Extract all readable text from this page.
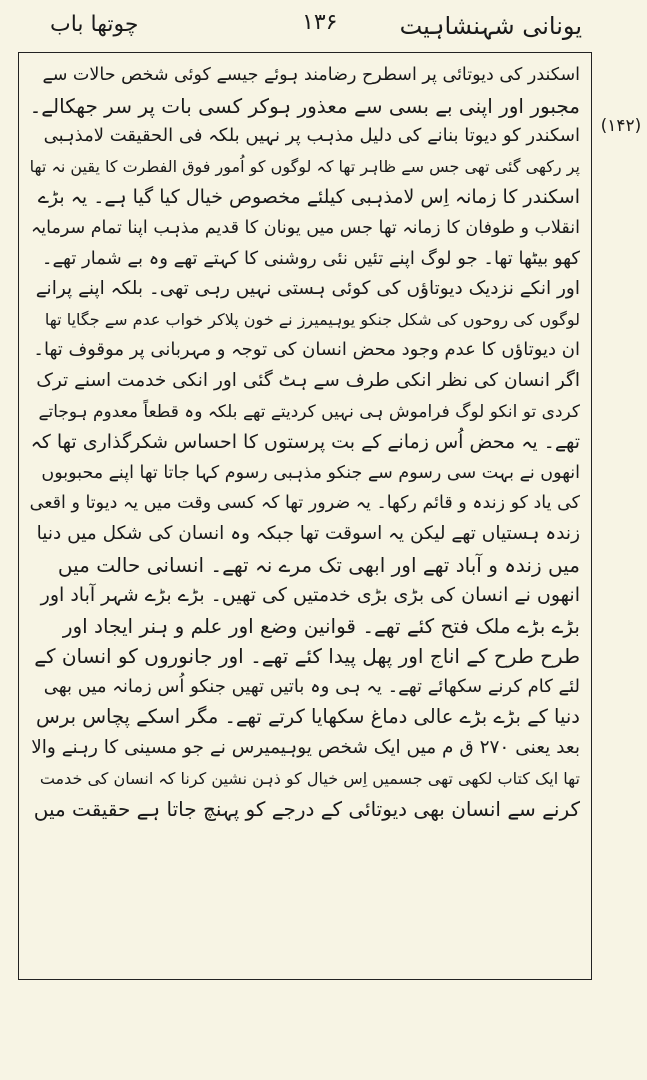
چوتھا باب	۱۳۶	یونانی شہنشاہیت
(۱۴۲)
اسکندر کی دیوتائی پر اسطرح رضامند ہوئے جیسے کوئی شخص حالات سے
مجبور اور اپنی بے بسی سے معذور ہوکر کسی بات پر سر جھکالے۔
اسکندر کو دیوتا بنانے کی دلیل مذہب پر نہیں بلکہ فی الحقیقت لامذہبی
پر رکھی گئی تھی جس سے ظاہر تھا کہ لوگوں کو اُمور فوق الفطرت کا یقین نہ تھا
اسکندر کا زمانہ اِس لامذہبی کیلئے مخصوص خیال کیا گیا ہے۔ یہ بڑے
انقلاب و طوفان کا زمانہ تھا جس میں یونان کا قدیم مذہب اپنا تمام سرمایہ
کھو بیٹھا تھا۔ جو لوگ اپنے تئیں نئی روشنی کا کہتے تھے وہ بے شمار تھے۔
اور انکے نزدیک دیوتاؤں کی کوئی ہستی نہیں رہی تھی۔ بلکہ اپنے پرانے
لوگوں کی روحوں کی شکل جنکو یوہیمیرز نے خون پلاکر خواب عدم سے جگایا تھا
ان دیوتاؤں کا عدم وجود محض انسان کی توجہ و مہربانی پر موقوف تھا۔
اگر انسان کی نظر انکی طرف سے ہٹ گئی اور انکی خدمت اسنے ترک
کردی تو انکو لوگ فراموش ہی نہیں کردیتے تھے بلکہ وہ قطعاً معدوم ہوجاتے
تھے۔ یہ محض اُس زمانے کے بت پرستوں کا احساس شکرگذاری تھا کہ
انھوں نے بہت سی رسوم سے جنکو مذہبی رسوم کہا جاتا تھا اپنے محبوبوں
کی یاد کو زندہ و قائم رکھا۔ یہ ضرور تھا کہ کسی وقت میں یہ دیوتا و اقعی
زندہ ہستیاں تھے لیکن یہ اسوقت تھا جبکہ وہ انسان کی شکل میں دنیا
میں زندہ و آباد تھے اور ابھی تک مرے نہ تھے۔ انسانی حالت میں
انھوں نے انسان کی بڑی بڑی خدمتیں کی تھیں۔ بڑے بڑے شہر آباد اور
بڑے بڑے ملک فتح کئے تھے۔ قوانین وضع اور علم و ہنر ایجاد اور
طرح طرح کے اناج اور پھل پیدا کئے تھے۔ اور جانوروں کو انسان کے
لئے کام کرنے سکھائے تھے۔ یہ ہی وہ باتیں تھیں جنکو اُس زمانہ میں بھی
دنیا کے بڑے بڑے عالی دماغ سکھایا کرتے تھے۔ مگر اسکے پچاس برس
بعد یعنی ۲۷۰ ق م میں ایک شخص یوہیمیرس نے جو مسینی کا رہنے والا
تھا ایک کتاب لکھی تھی جسمیں اِس خیال کو ذہن نشین کرنا کہ انسان کی خدمت
کرنے سے انسان بھی دیوتائی کے درجے کو پہنچ جاتا ہے حقیقت میں
